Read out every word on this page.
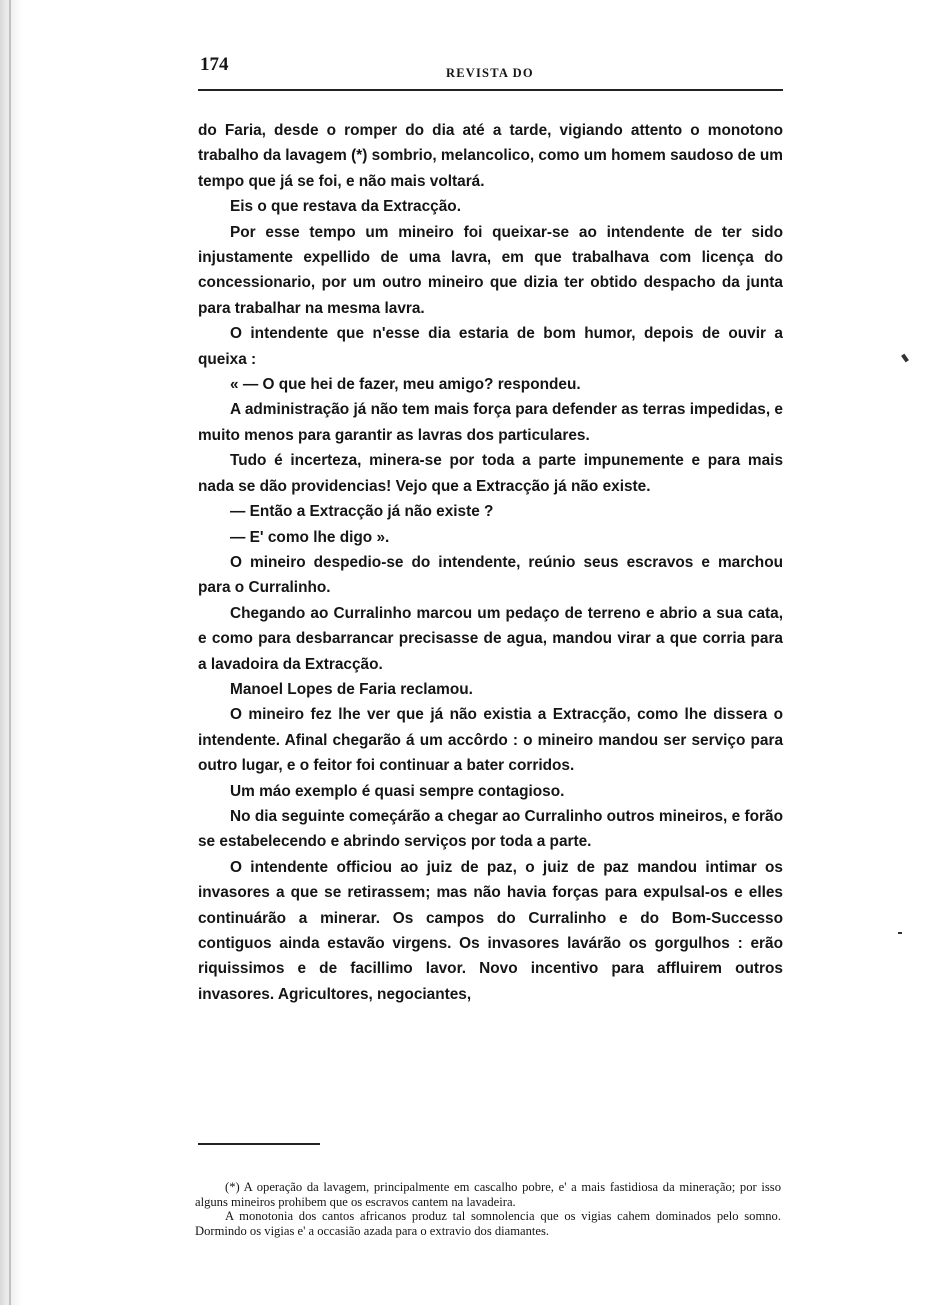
174	REVISTA DO

do Faria, desde o romper do dia até a tarde, vigiando attento o monotono trabalho da lavagem (*) sombrio, melancolico, como um homem saudoso de um tempo que já se foi, e não mais voltará.

Eis o que restava da Extracção.

Por esse tempo um mineiro foi queixar-se ao intendente de ter sido injustamente expellido de uma lavra, em que trabalhava com licença do concessionario, por um outro mineiro que dizia ter obtido despacho da junta para trabalhar na mesma lavra.

O intendente que n'esse dia estaria de bom humor, depois de ouvir a queixa :

« — O que hei de fazer, meu amigo? respondeu.

A administração já não tem mais força para defender as terras impedidas, e muito menos para garantir as lavras dos particulares.

Tudo é incerteza, minera-se por toda a parte impunemente e para mais nada se dão providencias! Vejo que a Extracção já não existe.

— Então a Extracção já não existe ?

— E' como lhe digo ».

O mineiro despedio-se do intendente, reúnio seus escravos e marchou para o Curralinho.

Chegando ao Curralinho marcou um pedaço de terreno e abrio a sua cata, e como para desbarrancar precisasse de agua, mandou virar a que corria para a lavadoira da Extracção.

Manoel Lopes de Faria reclamou.

O mineiro fez lhe ver que já não existia a Extracção, como lhe dissera o intendente. Afinal chegarão á um accôrdo : o mineiro mandou ser serviço para outro lugar, e o feitor foi continuar a bater corridos.

Um máo exemplo é quasi sempre contagioso.

No dia seguinte começárão a chegar ao Curralinho outros mineiros, e forão se estabelecendo e abrindo serviços por toda a parte.

O intendente officiou ao juiz de paz, o juiz de paz mandou intimar os invasores a que se retirassem; mas não havia forças para expulsal-os e elles continuárão a minerar. Os campos do Curralinho e do Bom-Successo contiguos ainda estavão virgens. Os invasores lavárão os gorgulhos : erão riquissimos e de facillimo lavor. Novo incentivo para affluirem outros invasores. Agricultores, negociantes,

(*) A operação da lavagem, principalmente em cascalho pobre, e' a mais fastidiosa da mineração; por isso alguns mineiros prohibem que os escravos cantem na lavadeira.

A monotonia dos cantos africanos produz tal somnolencia que os vigias cahem dominados pelo somno. Dormindo os vigias e' a occasião azada para o extravio dos diamantes.
